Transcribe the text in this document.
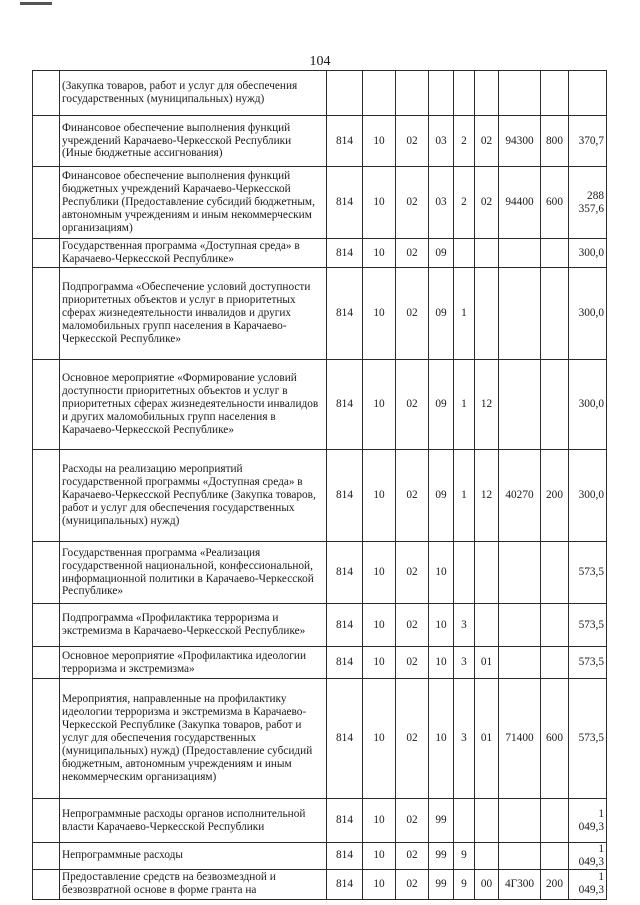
104
	(Закупка товаров, работ и услуг для обеспечения государственных (муниципальных) нужд)									
	Финансовое обеспечение выполнения функций учреждений Карачаево-Черкесской Республики (Иные бюджетные ассигнования)	814	10	02	03	2	02	94300	800	370,7
	Финансовое обеспечение выполнения функций бюджетных учреждений Карачаево-Черкесской Республики (Предоставление субсидий бюджетным, автономным учреждениям и иным некоммерческим организациям)	814	10	02	03	2	02	94400	600	288 357,6
	Государственная программа «Доступная среда» в Карачаево-Черкесской Республике»	814	10	02	09					300,0
	Подпрограмма «Обеспечение условий доступности приоритетных объектов и услуг в приоритетных сферах жизнедеятельности инвалидов и других маломобильных групп населения в Карачаево-Черкесской Республике»	814	10	02	09	1				300,0
	Основное мероприятие «Формирование условий доступности приоритетных объектов и услуг в приоритетных сферах жизнедеятельности инвалидов и других маломобильных групп населения в Карачаево-Черкесской Республике»	814	10	02	09	1	12			300,0
	Расходы на реализацию мероприятий государственной программы «Доступная среда» в Карачаево-Черкесской Республике (Закупка товаров, работ и услуг для обеспечения государственных (муниципальных) нужд)	814	10	02	09	1	12	40270	200	300,0
	Государственная программа «Реализация государственной национальной, конфессиональной, информационной политики в Карачаево-Черкесской Республике»	814	10	02	10					573,5
	Подпрограмма «Профилактика терроризма и экстремизма в Карачаево-Черкесской Республике»	814	10	02	10	3				573,5
	Основное мероприятие «Профилактика идеологии терроризма и экстремизма»	814	10	02	10	3	01			573,5
	Мероприятия, направленные на профилактику идеологии терроризма и экстремизма в Карачаево-Черкесской Республике (Закупка товаров, работ и услуг для обеспечения государственных (муниципальных) нужд) (Предоставление субсидий бюджетным, автономным учреждениям и иным некоммерческим организациям)	814	10	02	10	3	01	71400	600	573,5
	Непрограммные расходы органов исполнительной власти Карачаево-Черкесской Республики	814	10	02	99					1 049,3
	Непрограммные расходы	814	10	02	99	9				1 049,3
	Предоставление средств на безвозмездной и безвозвратной основе в форме гранта на	814	10	02	99	9	00	4Г300	200	1 049,3
